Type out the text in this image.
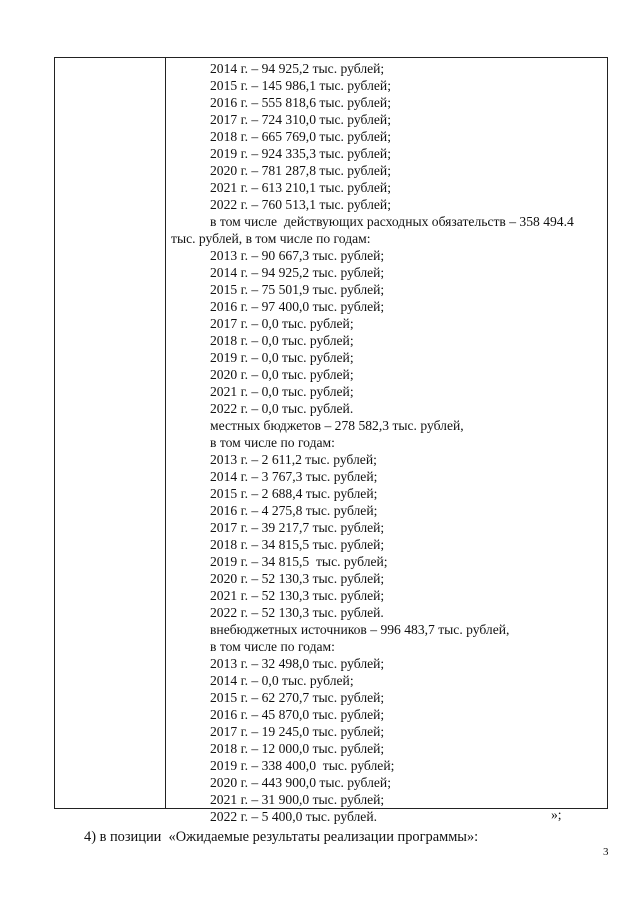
2014 г. – 94 925,2 тыс. рублей;
2015 г. – 145 986,1 тыс. рублей;
2016 г. – 555 818,6 тыс. рублей;
2017 г. – 724 310,0 тыс. рублей;
2018 г. – 665 769,0 тыс. рублей;
2019 г. – 924 335,3 тыс. рублей;
2020 г. – 781 287,8 тыс. рублей;
2021 г. – 613 210,1 тыс. рублей;
2022 г. – 760 513,1 тыс. рублей;
в том числе  действующих расходных обязательств – 358 494.4
тыс. рублей, в том числе по годам:
2013 г. – 90 667,3 тыс. рублей;
2014 г. – 94 925,2 тыс. рублей;
2015 г. – 75 501,9 тыс. рублей;
2016 г. – 97 400,0 тыс. рублей;
2017 г. – 0,0 тыс. рублей;
2018 г. – 0,0 тыс. рублей;
2019 г. – 0,0 тыс. рублей;
2020 г. – 0,0 тыс. рублей;
2021 г. – 0,0 тыс. рублей;
2022 г. – 0,0 тыс. рублей.
местных бюджетов – 278 582,3 тыс. рублей,
в том числе по годам:
2013 г. – 2 611,2 тыс. рублей;
2014 г. – 3 767,3 тыс. рублей;
2015 г. – 2 688,4 тыс. рублей;
2016 г. – 4 275,8 тыс. рублей;
2017 г. – 39 217,7 тыс. рублей;
2018 г. – 34 815,5 тыс. рублей;
2019 г. – 34 815,5  тыс. рублей;
2020 г. – 52 130,3 тыс. рублей;
2021 г. – 52 130,3 тыс. рублей;
2022 г. – 52 130,3 тыс. рублей.
внебюджетных источников – 996 483,7 тыс. рублей,
в том числе по годам:
2013 г. – 32 498,0 тыс. рублей;
2014 г. – 0,0 тыс. рублей;
2015 г. – 62 270,7 тыс. рублей;
2016 г. – 45 870,0 тыс. рублей;
2017 г. – 19 245,0 тыс. рублей;
2018 г. – 12 000,0 тыс. рублей;
2019 г. – 338 400,0  тыс. рублей;
2020 г. – 443 900,0 тыс. рублей;
2021 г. – 31 900,0 тыс. рублей;
2022 г. – 5 400,0 тыс. рублей.	»;
4) в позиции  «Ожидаемые результаты реализации программы»:
3
